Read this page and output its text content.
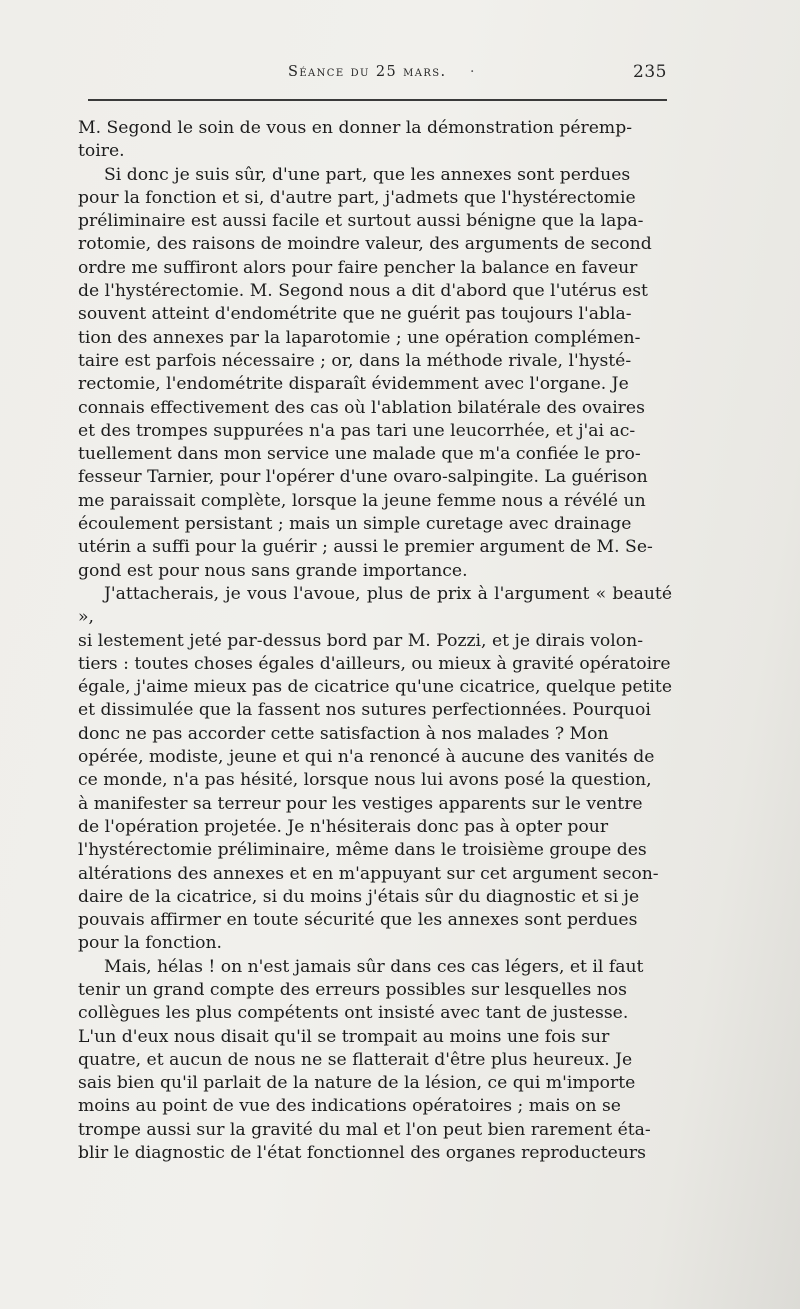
Séance du 25 mars. ·	235

M. Segond le soin de vous en donner la démonstration péremp-
toire.

Si donc je suis sûr, d'une part, que les annexes sont perdues
pour la fonction et si, d'autre part, j'admets que l'hystérectomie
préliminaire est aussi facile et surtout aussi bénigne que la lapa-
rotomie, des raisons de moindre valeur, des arguments de second
ordre me suffiront alors pour faire pencher la balance en faveur
de l'hystérectomie. M. Segond nous a dit d'abord que l'utérus est
souvent atteint d'endométrite que ne guérit pas toujours l'abla-
tion des annexes par la laparotomie ; une opération complémen-
taire est parfois nécessaire ; or, dans la méthode rivale, l'hysté-
rectomie, l'endométrite disparaît évidemment avec l'organe. Je
connais effectivement des cas où l'ablation bilatérale des ovaires
et des trompes suppurées n'a pas tari une leucorrhée, et j'ai ac-
tuellement dans mon service une malade que m'a confiée le pro-
fesseur Tarnier, pour l'opérer d'une ovaro-salpingite. La guérison
me paraissait complète, lorsque la jeune femme nous a révélé un
écoulement persistant ; mais un simple curetage avec drainage
utérin a suffi pour la guérir ; aussi le premier argument de M. Se-
gond est pour nous sans grande importance.

J'attacherais, je vous l'avoue, plus de prix à l'argument « beauté »,
si lestement jeté par-dessus bord par M. Pozzi, et je dirais volon-
tiers : toutes choses égales d'ailleurs, ou mieux à gravité opératoire
égale, j'aime mieux pas de cicatrice qu'une cicatrice, quelque petite
et dissimulée que la fassent nos sutures perfectionnées. Pourquoi
donc ne pas accorder cette satisfaction à nos malades ? Mon
opérée, modiste, jeune et qui n'a renoncé à aucune des vanités de
ce monde, n'a pas hésité, lorsque nous lui avons posé la question,
à manifester sa terreur pour les vestiges apparents sur le ventre
de l'opération projetée. Je n'hésiterais donc pas à opter pour
l'hystérectomie préliminaire, même dans le troisième groupe des
altérations des annexes et en m'appuyant sur cet argument secon-
daire de la cicatrice, si du moins j'étais sûr du diagnostic et si je
pouvais affirmer en toute sécurité que les annexes sont perdues
pour la fonction.

Mais, hélas ! on n'est jamais sûr dans ces cas légers, et il faut
tenir un grand compte des erreurs possibles sur lesquelles nos
collègues les plus compétents ont insisté avec tant de justesse.
L'un d'eux nous disait qu'il se trompait au moins une fois sur
quatre, et aucun de nous ne se flatterait d'être plus heureux. Je
sais bien qu'il parlait de la nature de la lésion, ce qui m'importe
moins au point de vue des indications opératoires ; mais on se
trompe aussi sur la gravité du mal et l'on peut bien rarement éta-
blir le diagnostic de l'état fonctionnel des organes reproducteurs
